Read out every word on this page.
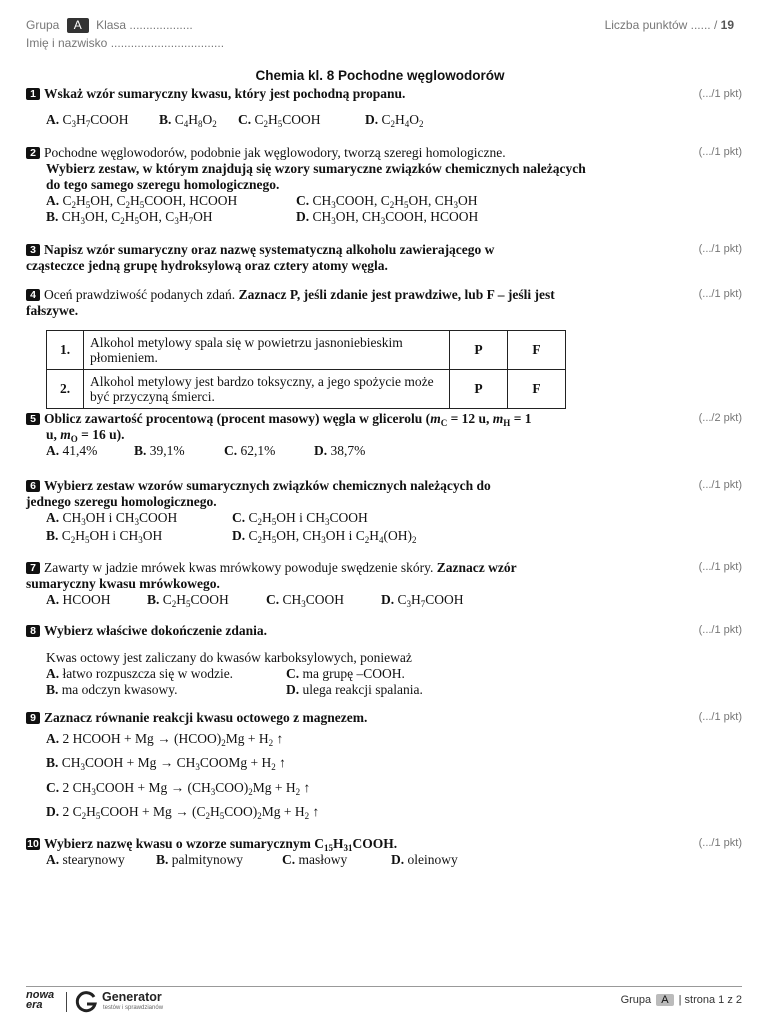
Grupa A Klasa ...................
Imię i nazwisko ..................................
Liczba punktów ...... / 19
Chemia kl. 8 Pochodne węglowodorów
1 Wskaż wzór sumaryczny kwasu, który jest pochodną propanu.
A. $C_3H_7COOH$	B. $C_4H_8O_2$	C. $C_2H_5COOH$	D. $C_2H_4O_2$
(.../1 pkt)
2 Pochodne węglowodorów, podobnie jak węglowodory, tworzą szeregi homologiczne.
Wybierz zestaw, w którym znajdują się wzory sumaryczne związków chemicznych należących do tego samego szeregu homologicznego.
A. $C_2H_5OH$, $C_2H_5COOH$, HCOOH	C. $CH_3COOH$, $C_2H_5OH$, $CH_3OH$
B. $CH_3OH$, $C_2H_5OH$, $C_3H_7OH$	D. $CH_3OH$, $CH_3COOH$, HCOOH
(.../1 pkt)
3 Napisz wzór sumaryczny oraz nazwę systematyczną alkoholu zawierającego w cząsteczce jedną grupę hydroksylową oraz cztery atomy węgla.
(.../1 pkt)
4 Oceń prawdziwość podanych zdań. Zaznacz P, jeśli zdanie jest prawdziwe, lub F – jeśli jest fałszywe.
(.../1 pkt)
1.	Alkohol metylowy spala się w powietrzu jasnoniebieskim płomieniem.	P	F
2.	Alkohol metylowy jest bardzo toksyczny, a jego spożycie może być przyczyną śmierci.	P	F
5 Oblicz zawartość procentową (procent masowy) węgla w glicerolu ($m_C = 12$ u, $m_H = 1$
u, $m_O = 16$ u).
A. 41,4%	B. 39,1%	C. 62,1%	D. 38,7%
(.../2 pkt)
6 Wybierz zestaw wzorów sumarycznych związków chemicznych należących do jednego szeregu homologicznego.
A. $CH_3OH$ i $CH_3COOH$	C. $C_2H_5OH$ i $CH_3COOH$
B. $C_2H_5OH$ i $CH_3OH$	D. $C_2H_5OH$, $CH_3OH$ i $C_2H_4(OH)_2$
(.../1 pkt)
7 Zawarty w jadzie mrówek kwas mrówkowy powoduje swędzenie skóry. Zaznacz wzór sumaryczny kwasu mrówkowego.
A. HCOOH	B. $C_2H_5COOH$	C. $CH_3COOH$	D. $C_3H_7COOH$
(.../1 pkt)
8 Wybierz właściwe dokończenie zdania.
Kwas octowy jest zaliczany do kwasów karboksylowych, ponieważ
A. łatwo rozpuszcza się w wodzie.	C. ma grupę –COOH.
B. ma odczyn kwasowy.	D. ulega reakcji spalania.
(.../1 pkt)
9 Zaznacz równanie reakcji kwasu octowego z magnezem.	(.../1 pkt)
A. 2 HCOOH + $Mg \to (HCOO)_2Mg + H_2$ ↑
B. $CH_3COOH + Mg$ → $CH_3COOMg + H_2$ ↑
C. 2 $CH_3COOH + Mg \to (CH_3COO)_2Mg + H_2$ ↑
D. 2 $C_2H_5COOH + Mg \to (C_2H_5COO)_2Mg + H_2$ ↑
10 Wybierz nazwę kwasu o wzorze sumarycznym $C_{15}H_{31}COOH$.
A. stearynowy	B. palmitynowy	C. masłowy	D. oleinowy
(.../1 pkt)
nowa
era
Generator
testów i sprawdzianów
Grupa A | strona 1 z 2
